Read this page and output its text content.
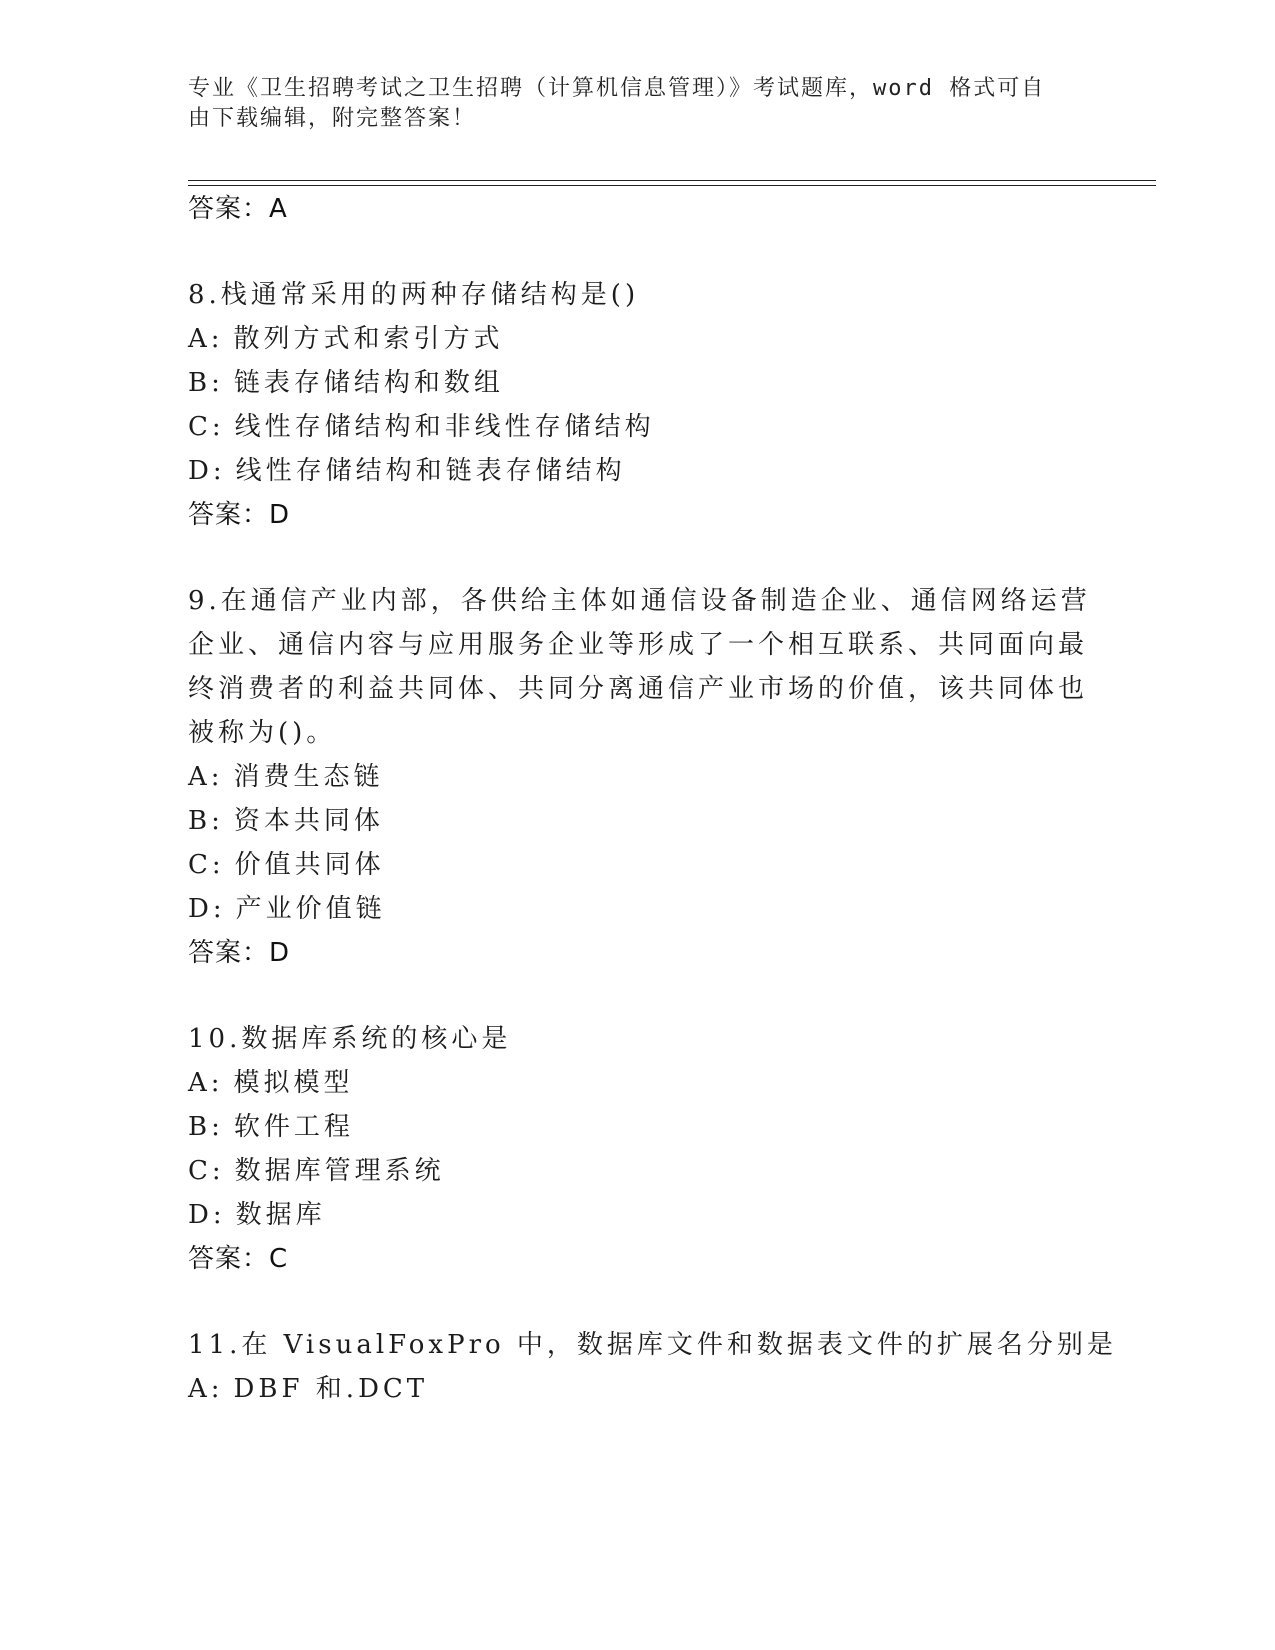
专业《卫生招聘考试之卫生招聘（计算机信息管理）》考试题库，word 格式可自
由下载编辑，附完整答案！
答案：A
8.栈通常采用的两种存储结构是()
A: 散列方式和索引方式
B: 链表存储结构和数组
C: 线性存储结构和非线性存储结构
D: 线性存储结构和链表存储结构
答案：D
9.在通信产业内部，各供给主体如通信设备制造企业、通信网络运营
企业、通信内容与应用服务企业等形成了一个相互联系、共同面向最
终消费者的利益共同体、共同分离通信产业市场的价值，该共同体也
被称为()。
A: 消费生态链
B: 资本共同体
C: 价值共同体
D: 产业价值链
答案：D
10.数据库系统的核心是
A: 模拟模型
B: 软件工程
C: 数据库管理系统
D: 数据库
答案：C
11.在 VisualFoxPro 中，数据库文件和数据表文件的扩展名分别是
A: DBF 和.DCT
